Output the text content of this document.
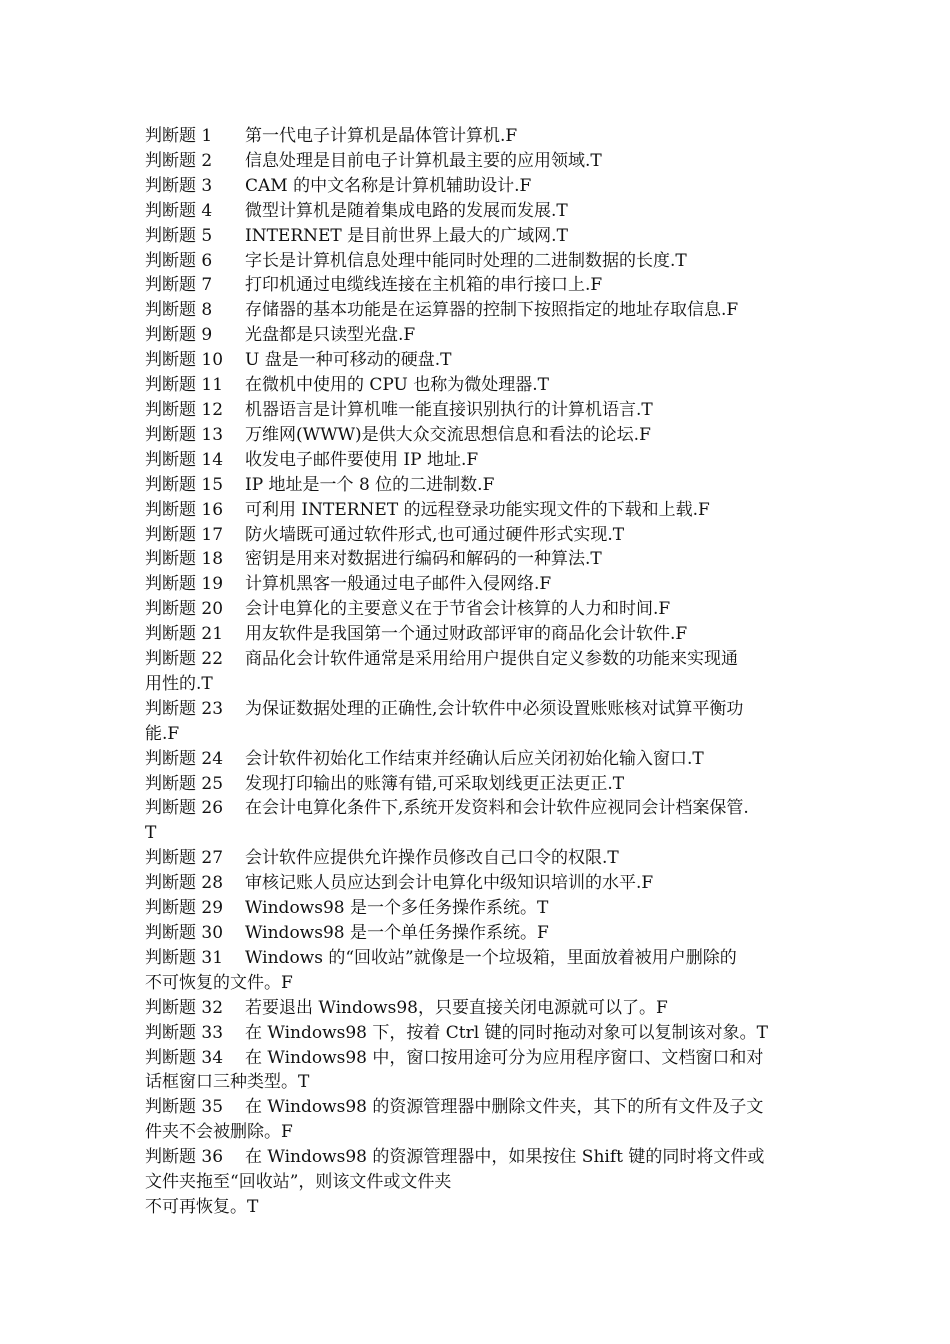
判断题 1 第一代电子计算机是晶体管计算机.F

判断题 2 信息处理是目前电子计算机最主要的应用领域.T

判断题 3 CAM 的中文名称是计算机辅助设计.F

判断题 4 微型计算机是随着集成电路的发展而发展.T

判断题 5 INTERNET 是目前世界上最大的广域网.T

判断题 6 字长是计算机信息处理中能同时处理的二进制数据的长度.T

判断题 7 打印机通过电缆线连接在主机箱的串行接口上.F

判断题 8 存储器的基本功能是在运算器的控制下按照指定的地址存取信息.F

判断题 9 光盘都是只读型光盘.F

判断题 10 U 盘是一种可移动的硬盘.T

判断题 11 在微机中使用的 CPU 也称为微处理器.T

判断题 12 机器语言是计算机唯一能直接识别执行的计算机语言.T

判断题 13 万维网(WWW)是供大众交流思想信息和看法的论坛.F

判断题 14 收发电子邮件要使用 IP 地址.F

判断题 15 IP 地址是一个 8 位的二进制数.F

判断题 16 可利用 INTERNET 的远程登录功能实现文件的下载和上载.F

判断题 17 防火墙既可通过软件形式,也可通过硬件形式实现.T

判断题 18 密钥是用来对数据进行编码和解码的一种算法.T

判断题 19 计算机黑客一般通过电子邮件入侵网络.F

判断题 20 会计电算化的主要意义在于节省会计核算的人力和时间.F

判断题 21 用友软件是我国第一个通过财政部评审的商品化会计软件.F

判断题 22 商品化会计软件通常是采用给用户提供自定义参数的功能来实现通
用性的.T

判断题 23 为保证数据处理的正确性,会计软件中必须设置账账核对试算平衡功
能.F

判断题 24 会计软件初始化工作结束并经确认后应关闭初始化输入窗口.T

判断题 25 发现打印输出的账簿有错,可采取划线更正法更正.T

判断题 26 在会计电算化条件下,系统开发资料和会计软件应视同会计档案保管.
T

判断题 27 会计软件应提供允许操作员修改自己口令的权限.T

判断题 28 审核记账人员应达到会计电算化中级知识培训的水平.F

判断题 29 Windows98 是一个多任务操作系统。T

判断题 30 Windows98 是一个单任务操作系统。F

判断题 31 Windows 的“回收站”就像是一个垃圾箱，里面放着被用户删除的
不可恢复的文件。F

判断题 32 若要退出 Windows98，只要直接关闭电源就可以了。F

判断题 33 在 Windows98 下，按着 Ctrl 键的同时拖动对象可以复制该对象。T

判断题 34 在 Windows98 中，窗口按用途可分为应用程序窗口、文档窗口和对
话框窗口三种类型。T

判断题 35 在 Windows98 的资源管理器中删除文件夹，其下的所有文件及子文
件夹不会被删除。F

判断题 36 在 Windows98 的资源管理器中，如果按住 Shift 键的同时将文件或
文件夹拖至“回收站”，则该文件或文件夹
不可再恢复。T
